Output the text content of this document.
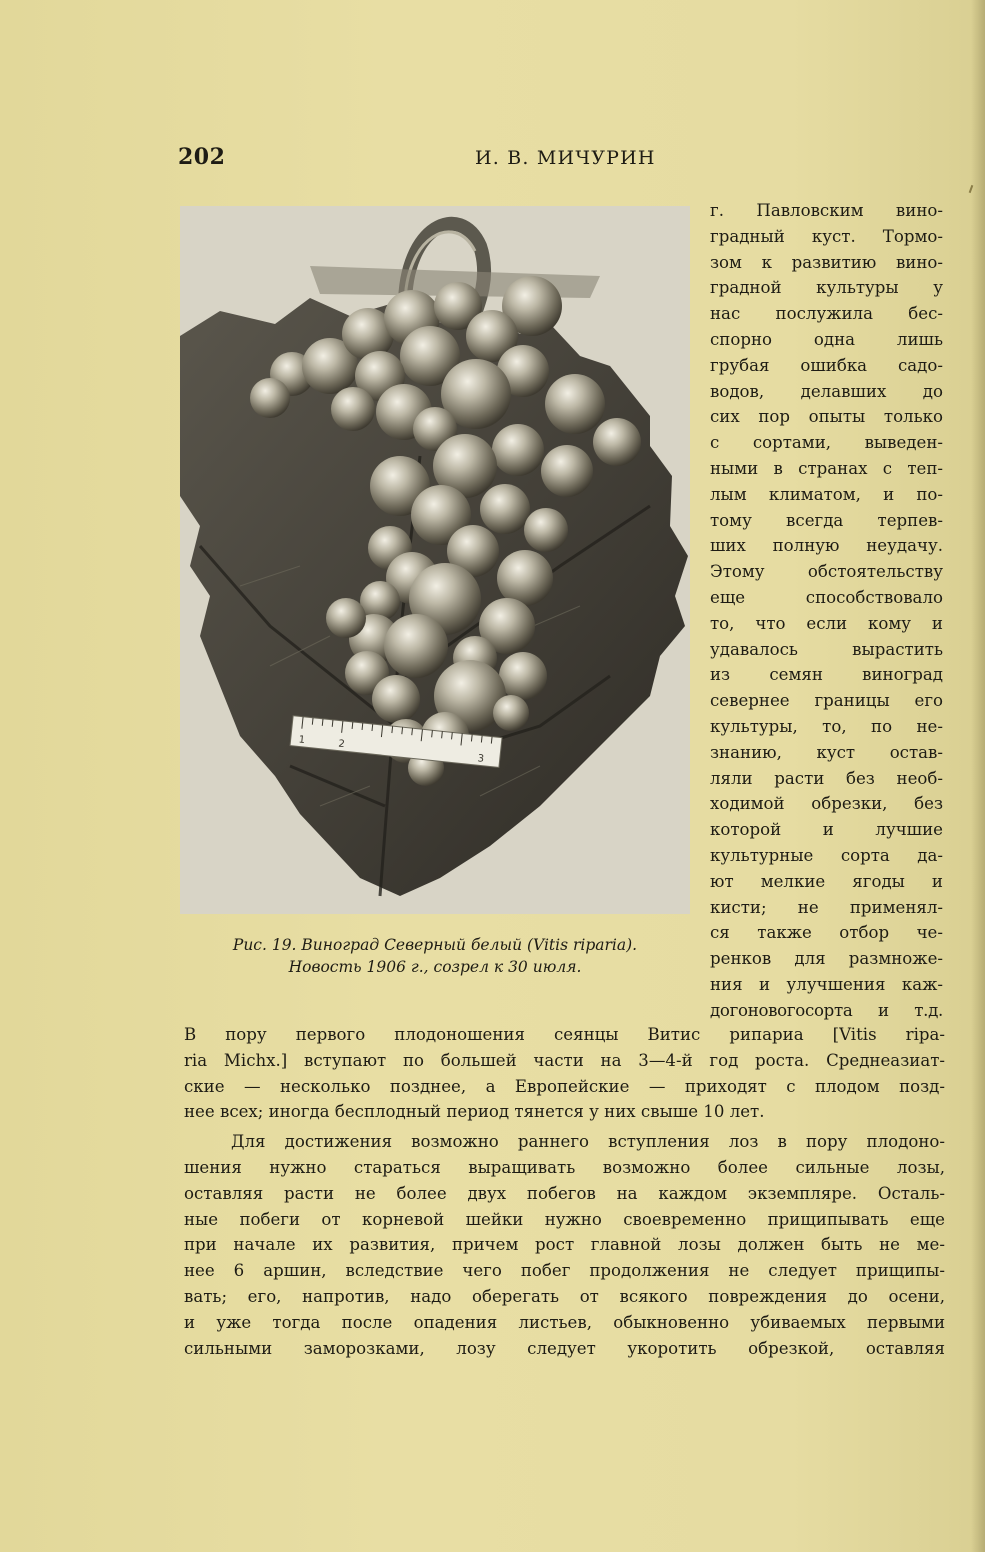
202	И. В. МИЧУРИН
1	2
3
Рис. 19. Виноград Северный белый (Vitis riparia).
Новость 1906 г., созрел к 30 июля.
г. Павловским вино-
градный куст. Тормо-
зом к развитию вино-
градной культуры у
нас послужила бес-
спорно одна лишь
грубая ошибка садо-
водов, делавших до
сих пор опыты только
с сортами, выведен-
ными в странах с теп-
лым климатом, и по-
тому всегда терпев-
ших полную неудачу.
Этому обстоятельству
еще способствовало
то, что если кому и
удавалось вырастить
из семян виноград
севернее границы его
культуры, то, по не-
знанию, куст остав-
ляли расти без необ-
ходимой обрезки, без
которой и лучшие
культурные сорта да-
ют мелкие ягоды и
кисти; не применял-
ся также отбор че-
ренков для размноже-
ния и улучшения каж-
догоновогосорта и т.д.
В пору первого плодоношения сеянцы Витис рипариа [Vitis ripa-
ria Michx.] вступают по большей части на 3—4-й год роста. Среднеазиат-
ские — несколько позднее, а Европейские — приходят с плодом позд-
нее всех; иногда бесплодный период тянется у них свыше 10 лет.
Для достижения возможно раннего вступления лоз в пору плодоно-
шения нужно стараться выращивать возможно более сильные лозы,
оставляя расти не более двух побегов на каждом экземпляре. Осталь-
ные побеги от корневой шейки нужно своевременно прищипывать еще
при начале их развития, причем рост главной лозы должен быть не ме-
нее 6 аршин, вследствие чего побег продолжения не следует прищипы-
вать; его, напротив, надо оберегать от всякого повреждения до осени,
и уже тогда после опадения листьев, обыкновенно убиваемых первыми
сильными заморозками, лозу следует укоротить обрезкой, оставляя
